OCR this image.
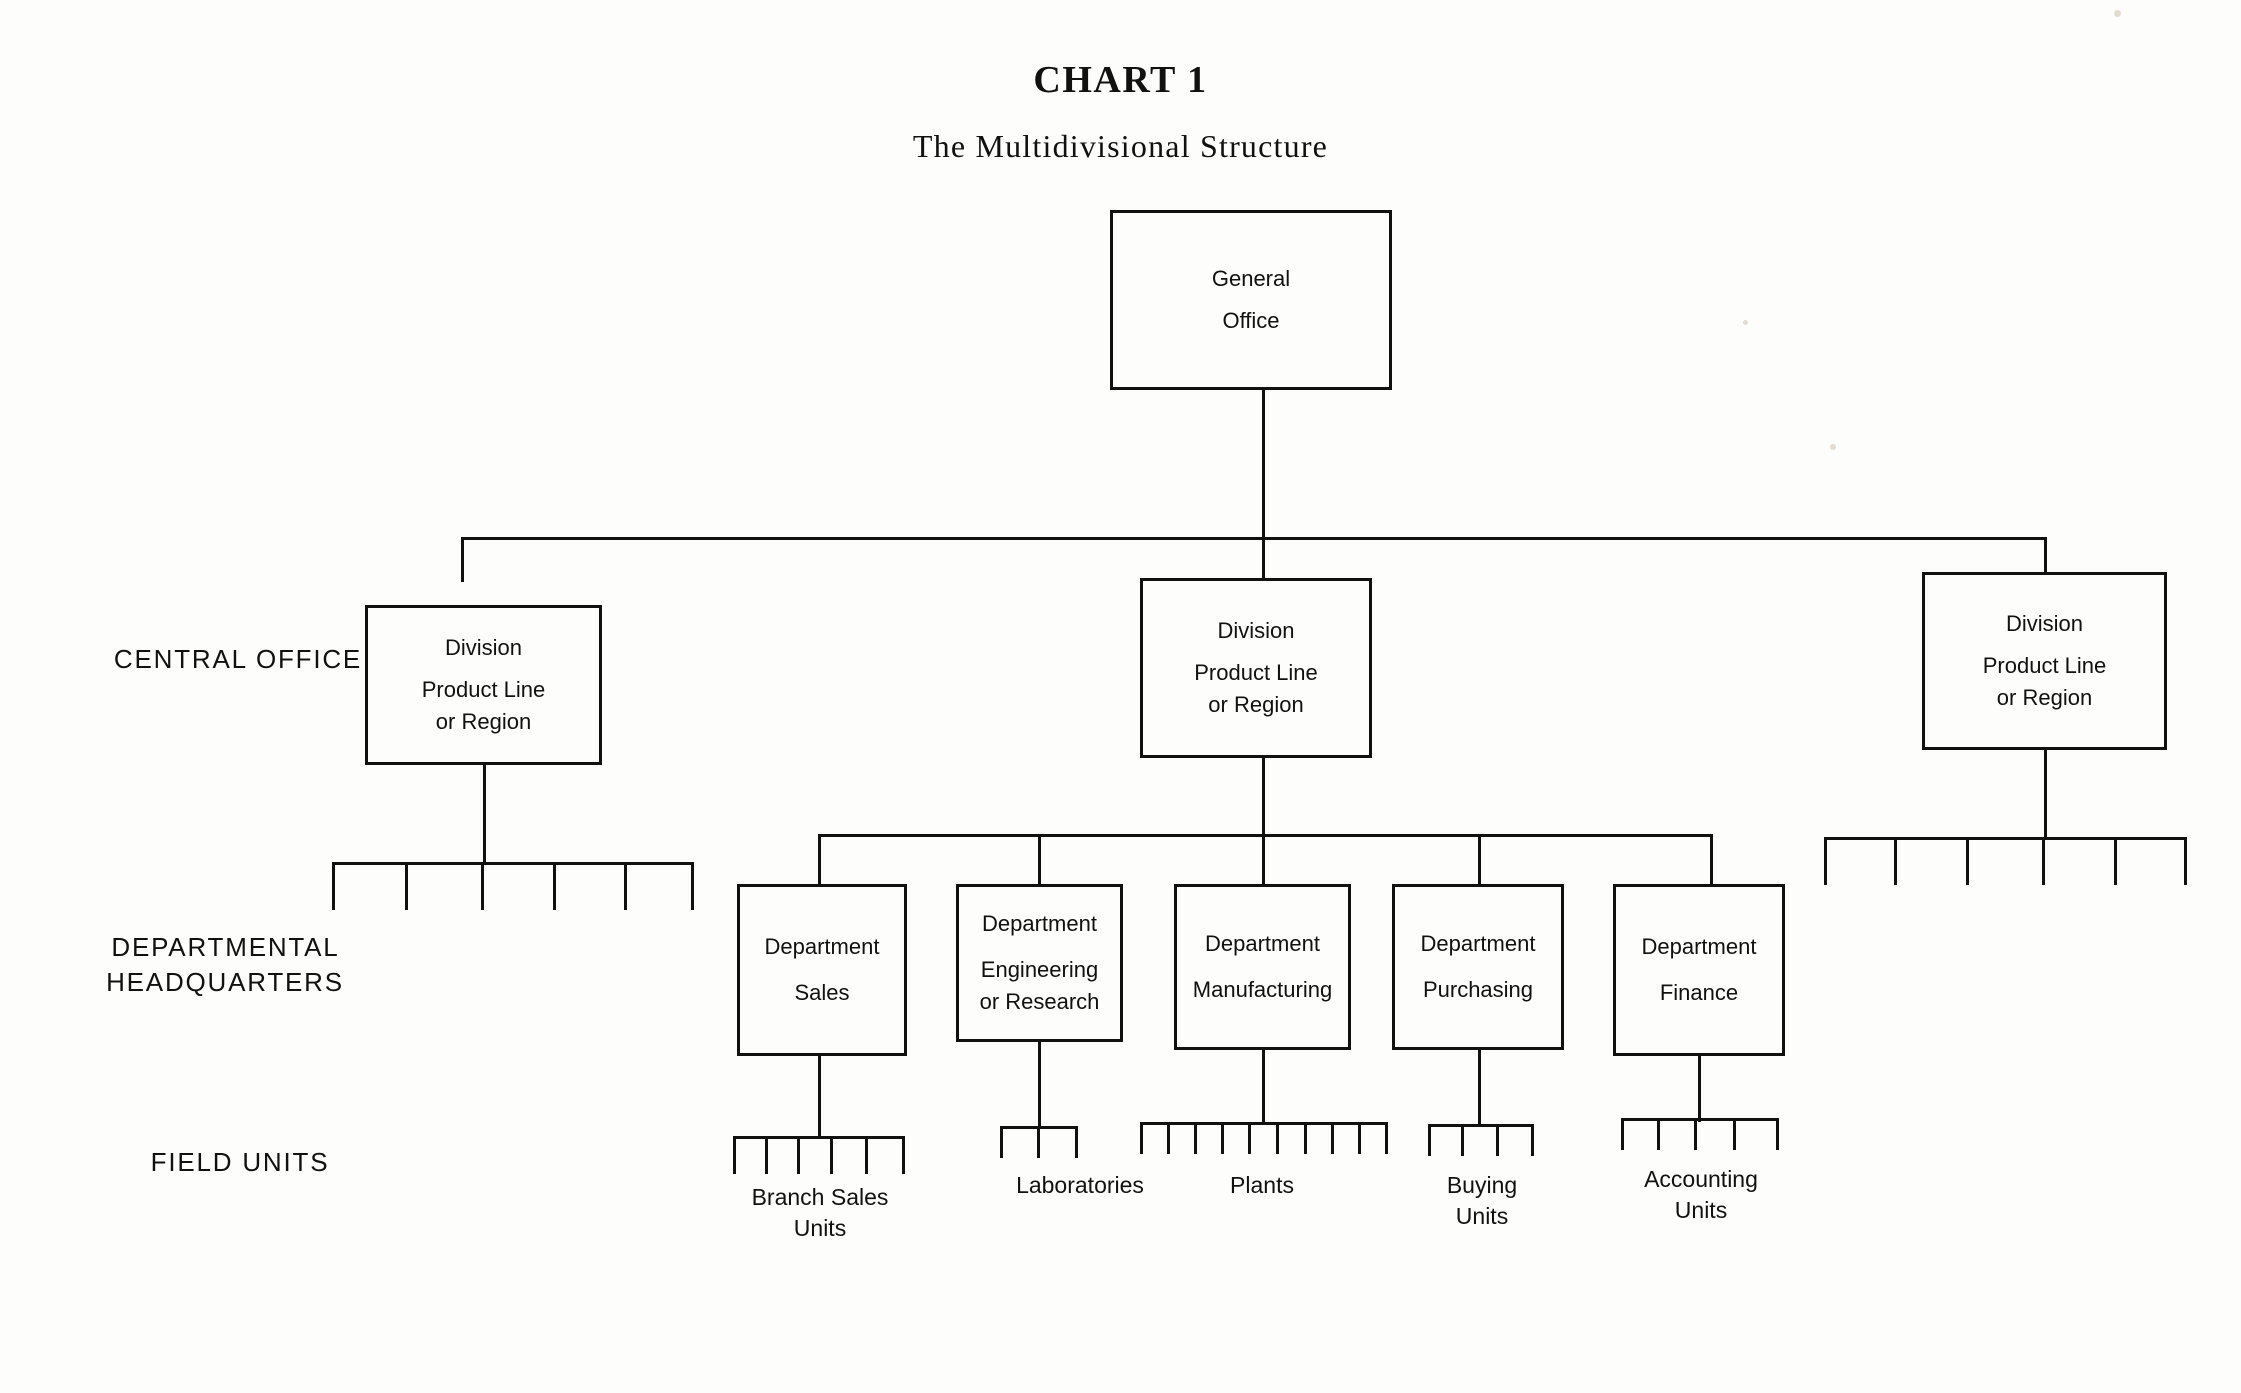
CHART 1
The Multidivisional Structure
CENTRAL OFFICE
DEPARTMENTAL HEADQUARTERS
FIELD UNITS
General
Office
Division
Product Line
or Region
Division
Product Line
or Region
Division
Product Line
or Region
Department
Sales
Department
Engineering
or Research
Department
Manufacturing
Department
Purchasing
Department
Finance
Branch Sales
Units
Laboratories	Plants	Buying
Units
Accounting
Units
